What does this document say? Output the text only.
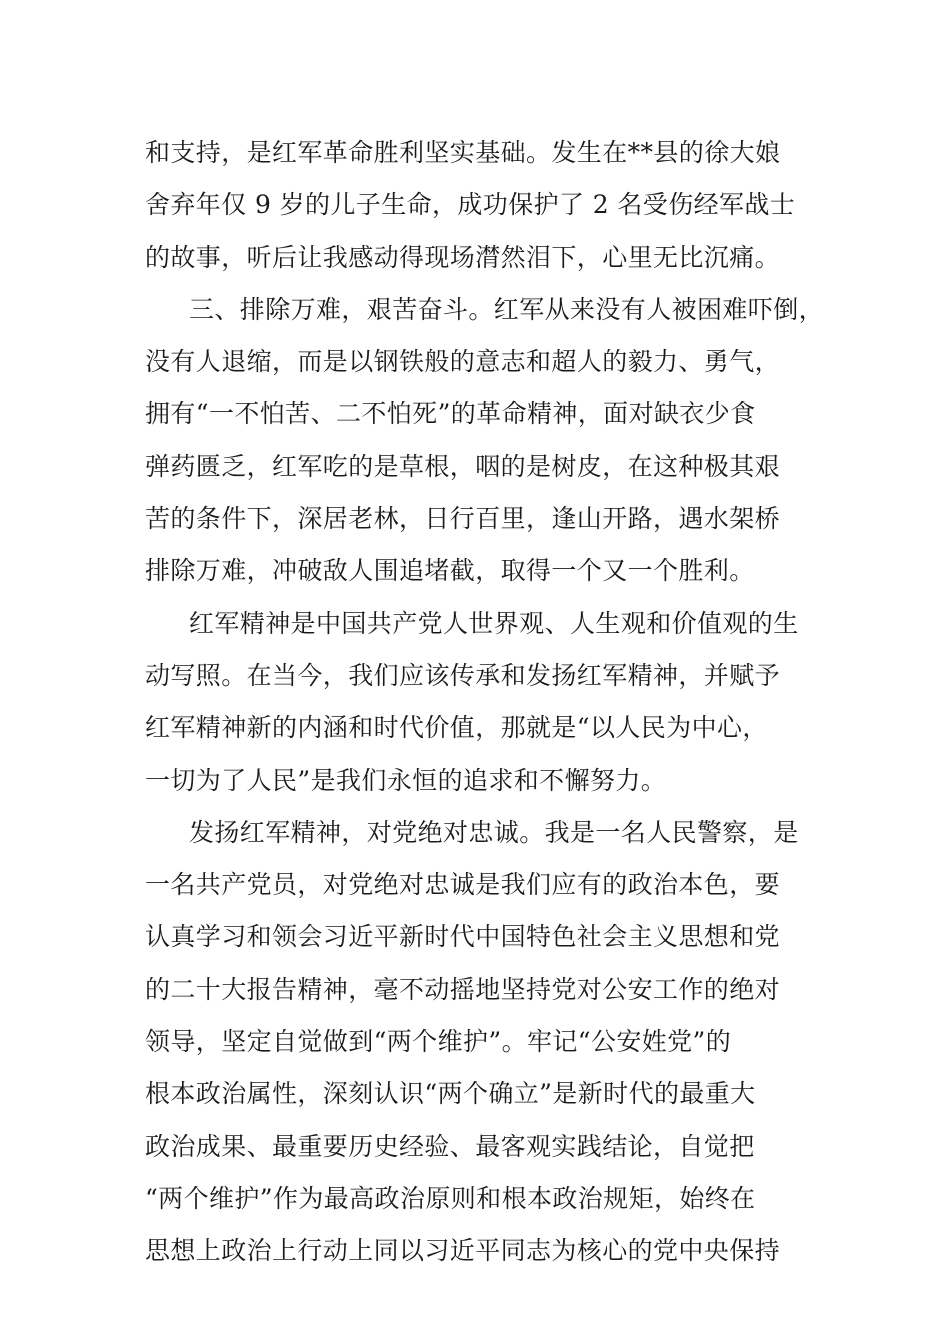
和支持，是红军革命胜利坚实基础。发生在**县的徐大娘
舍弃年仅 9 岁的儿子生命，成功保护了 2 名受伤经军战士
的故事，听后让我感动得现场潸然泪下，心里无比沉痛。
三、排除万难，艰苦奋斗。红军从来没有人被困难吓倒，
没有人退缩，而是以钢铁般的意志和超人的毅力、勇气，
拥有“一不怕苦、二不怕死”的革命精神，面对缺衣少食
弹药匮乏，红军吃的是草根，咽的是树皮，在这种极其艰
苦的条件下，深居老林，日行百里，逢山开路，遇水架桥
排除万难，冲破敌人围追堵截，取得一个又一个胜利。
红军精神是中国共产党人世界观、人生观和价值观的生
动写照。在当今，我们应该传承和发扬红军精神，并赋予
红军精神新的内涵和时代价值，那就是“以人民为中心，
一切为了人民”是我们永恒的追求和不懈努力。
发扬红军精神，对党绝对忠诚。我是一名人民警察，是
一名共产党员，对党绝对忠诚是我们应有的政治本色，要
认真学习和领会习近平新时代中国特色社会主义思想和党
的二十大报告精神，毫不动摇地坚持党对公安工作的绝对
领导，坚定自觉做到“两个维护”。牢记“公安姓党”的
根本政治属性，深刻认识“两个确立”是新时代的最重大
政治成果、最重要历史经验、最客观实践结论，自觉把
“两个维护”作为最高政治原则和根本政治规矩，始终在
思想上政治上行动上同以习近平同志为核心的党中央保持
